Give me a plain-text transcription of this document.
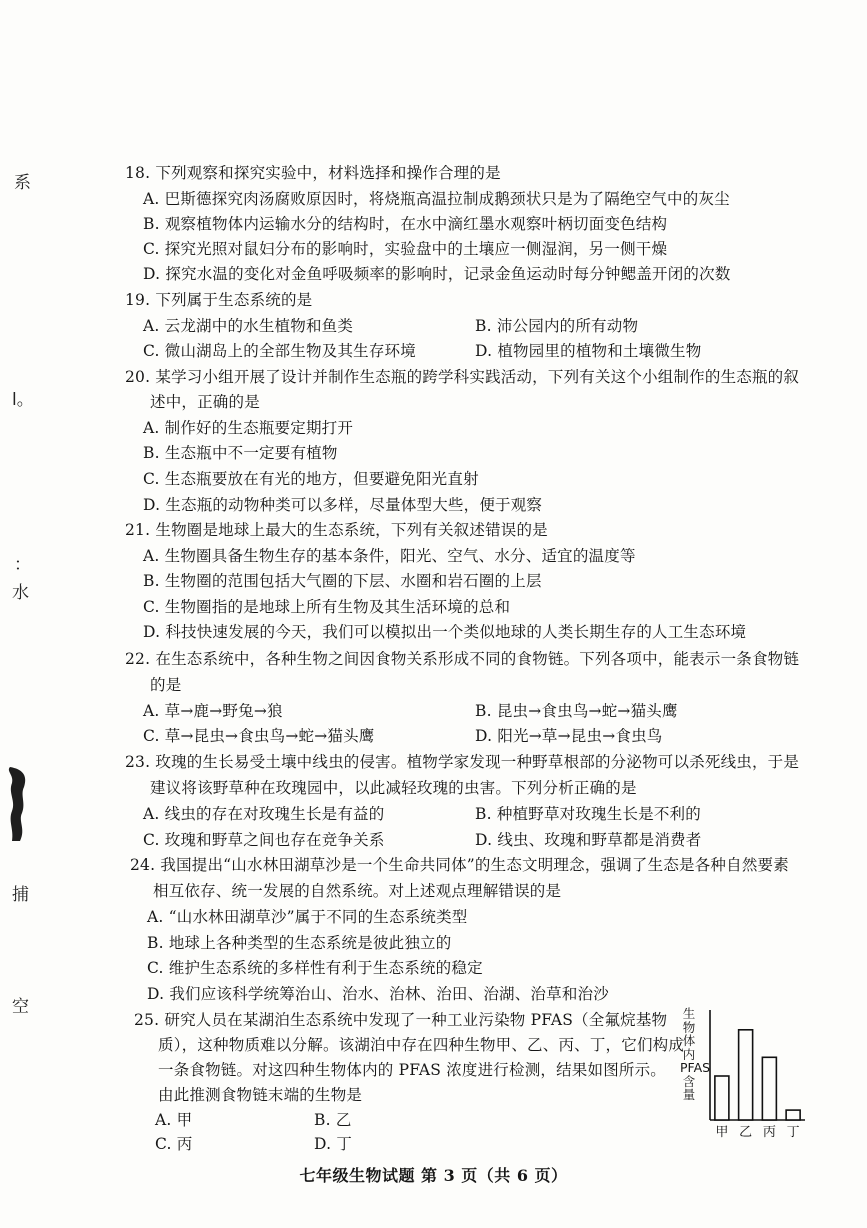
系
l。
：
水
捕
空
18. 下列观察和探究实验中，材料选择和操作合理的是
A. 巴斯德探究肉汤腐败原因时，将烧瓶高温拉制成鹅颈状只是为了隔绝空气中的灰尘
B. 观察植物体内运输水分的结构时，在水中滴红墨水观察叶柄切面变色结构
C. 探究光照对鼠妇分布的影响时，实验盘中的土壤应一侧湿润，另一侧干燥
D. 探究水温的变化对金鱼呼吸频率的影响时，记录金鱼运动时每分钟鳃盖开闭的次数
19. 下列属于生态系统的是
A. 云龙湖中的水生植物和鱼类	B. 沛公园内的所有动物
C. 微山湖岛上的全部生物及其生存环境	D. 植物园里的植物和土壤微生物
20. 某学习小组开展了设计并制作生态瓶的跨学科实践活动，下列有关这个小组制作的生态瓶的叙
述中，正确的是
A. 制作好的生态瓶要定期打开
B. 生态瓶中不一定要有植物
C. 生态瓶要放在有光的地方，但要避免阳光直射
D. 生态瓶的动物种类可以多样，尽量体型大些，便于观察
21. 生物圈是地球上最大的生态系统，下列有关叙述错误的是
A. 生物圈具备生物生存的基本条件，阳光、空气、水分、适宜的温度等
B. 生物圈的范围包括大气圈的下层、水圈和岩石圈的上层
C. 生物圈指的是地球上所有生物及其生活环境的总和
D. 科技快速发展的今天，我们可以模拟出一个类似地球的人类长期生存的人工生态环境
22. 在生态系统中，各种生物之间因食物关系形成不同的食物链。下列各项中，能表示一条食物链
的是
A. 草→鹿→野兔→狼	B. 昆虫→食虫鸟→蛇→猫头鹰
C. 草→昆虫→食虫鸟→蛇→猫头鹰	D. 阳光→草→昆虫→食虫鸟
23. 玫瑰的生长易受土壤中线虫的侵害。植物学家发现一种野草根部的分泌物可以杀死线虫，于是
建议将该野草种在玫瑰园中，以此减轻玫瑰的虫害。下列分析正确的是
A. 线虫的存在对玫瑰生长是有益的	B. 种植野草对玫瑰生长是不利的
C. 玫瑰和野草之间也存在竞争关系	D. 线虫、玫瑰和野草都是消费者
24. 我国提出“山水林田湖草沙是一个生命共同体”的生态文明理念，强调了生态是各种自然要素
相互依存、统一发展的自然系统。对上述观点理解错误的是
A. “山水林田湖草沙”属于不同的生态系统类型
B. 地球上各种类型的生态系统是彼此独立的
C. 维护生态系统的多样性有利于生态系统的稳定
D. 我们应该科学统筹治山、治水、治林、治田、治湖、治草和治沙
25. 研究人员在某湖泊生态系统中发现了一种工业污染物 PFAS（全氟烷基物
质），这种物质难以分解。该湖泊中存在四种生物甲、乙、丙、丁，它们构成
一条食物链。对这四种生物体内的 PFAS 浓度进行检测，结果如图所示。
由此推测食物链末端的生物是
A. 甲	B. 乙
C. 丙	D. 丁
生物体内PFAS含量
甲 乙 丙 丁
七年级生物试题 第 3 页（共 6 页）
